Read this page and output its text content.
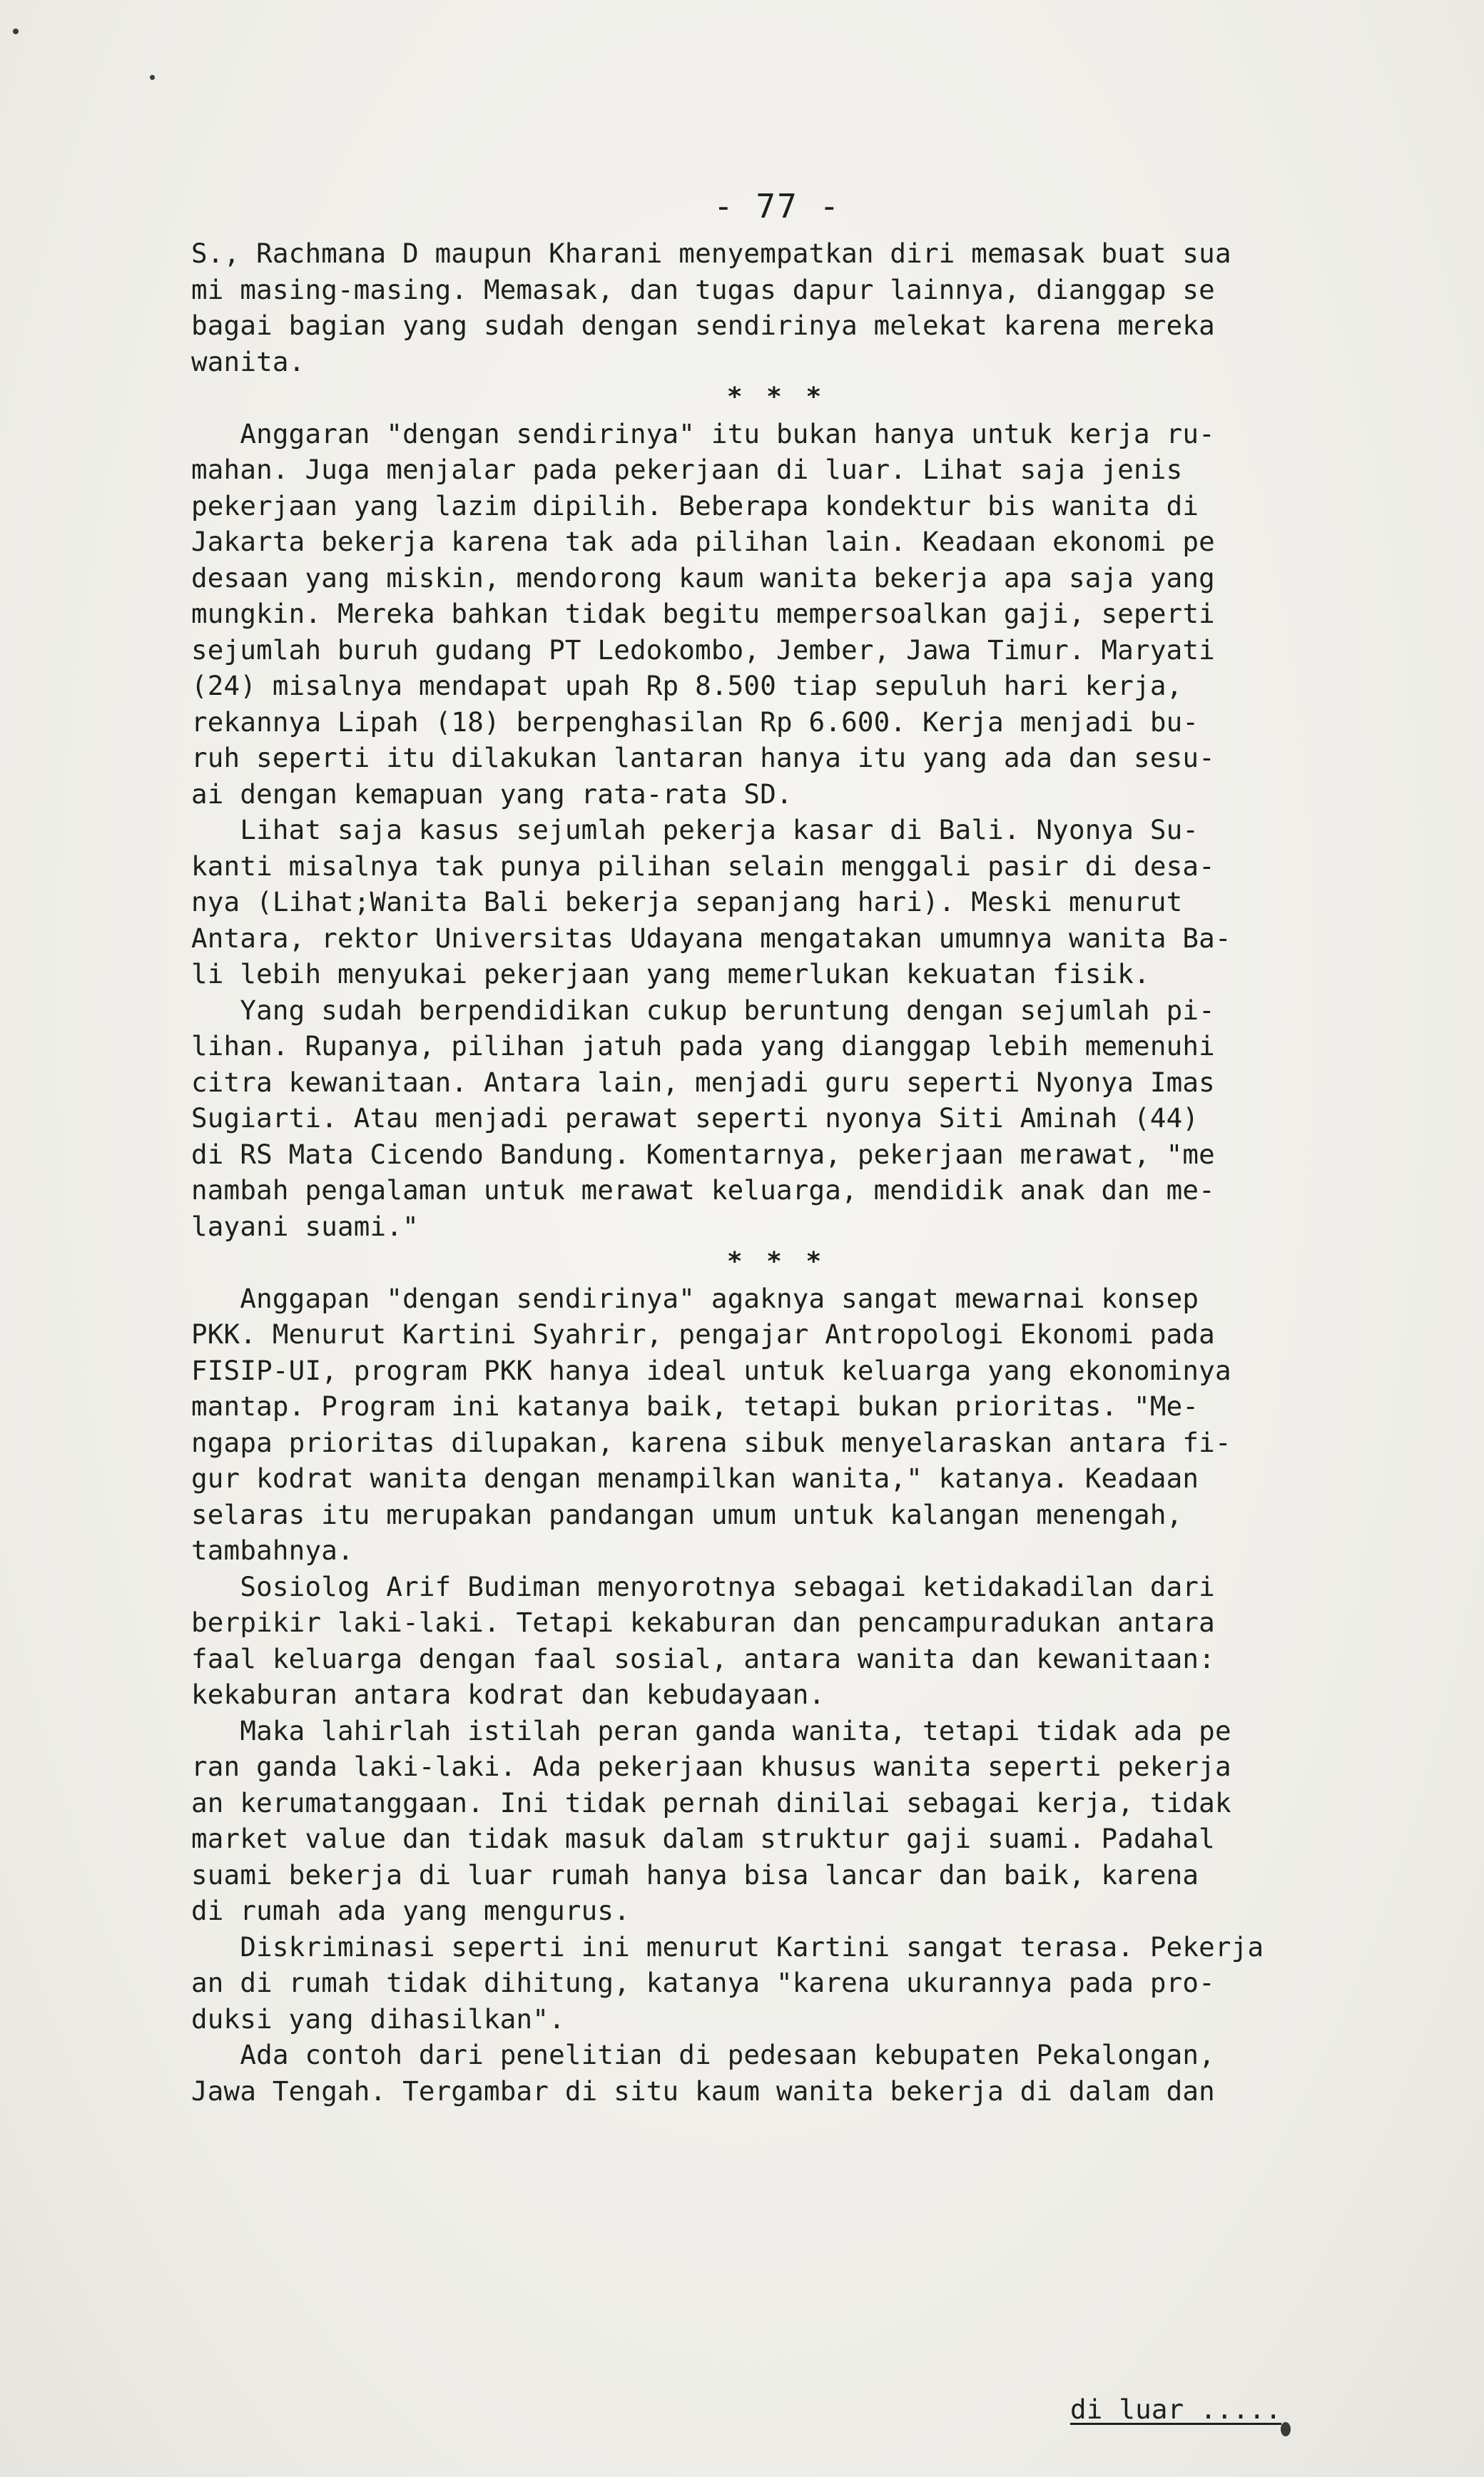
- 77 -
S., Rachmana D maupun Kharani menyempatkan diri memasak buat sua
mi masing-masing. Memasak, dan tugas dapur lainnya, dianggap se
bagai bagian yang sudah dengan sendirinya melekat karena mereka
wanita.
* * *
Anggaran "dengan sendirinya" itu bukan hanya untuk kerja ru-
mahan. Juga menjalar pada pekerjaan di luar. Lihat saja jenis
pekerjaan yang lazim dipilih. Beberapa kondektur bis wanita di
Jakarta bekerja karena tak ada pilihan lain. Keadaan ekonomi pe
desaan yang miskin, mendorong kaum wanita bekerja apa saja yang
mungkin. Mereka bahkan tidak begitu mempersoalkan gaji, seperti
sejumlah buruh gudang PT Ledokombo, Jember, Jawa Timur. Maryati
(24) misalnya mendapat upah Rp 8.500 tiap sepuluh hari kerja,
rekannya Lipah (18) berpenghasilan Rp 6.600. Kerja menjadi bu-
ruh seperti itu dilakukan lantaran hanya itu yang ada dan sesu-
ai dengan kemapuan yang rata-rata SD.
Lihat saja kasus sejumlah pekerja kasar di Bali. Nyonya Su-
kanti misalnya tak punya pilihan selain menggali pasir di desa-
nya (Lihat;Wanita Bali bekerja sepanjang hari). Meski menurut
Antara, rektor Universitas Udayana mengatakan umumnya wanita Ba-
li lebih menyukai pekerjaan yang memerlukan kekuatan fisik.
Yang sudah berpendidikan cukup beruntung dengan sejumlah pi-
lihan. Rupanya, pilihan jatuh pada yang dianggap lebih memenuhi
citra kewanitaan. Antara lain, menjadi guru seperti Nyonya Imas
Sugiarti. Atau menjadi perawat seperti nyonya Siti Aminah (44)
di RS Mata Cicendo Bandung. Komentarnya, pekerjaan merawat, "me
nambah pengalaman untuk merawat keluarga, mendidik anak dan me-
layani suami."
* * *
Anggapan "dengan sendirinya" agaknya sangat mewarnai konsep
PKK. Menurut Kartini Syahrir, pengajar Antropologi Ekonomi pada
FISIP-UI, program PKK hanya ideal untuk keluarga yang ekonominya
mantap. Program ini katanya baik, tetapi bukan prioritas. "Me-
ngapa prioritas dilupakan, karena sibuk menyelaraskan antara fi-
gur kodrat wanita dengan menampilkan wanita," katanya. Keadaan
selaras itu merupakan pandangan umum untuk kalangan menengah,
tambahnya.
Sosiolog Arif Budiman menyorotnya sebagai ketidakadilan dari
berpikir laki-laki. Tetapi kekaburan dan pencampuradukan antara
faal keluarga dengan faal sosial, antara wanita dan kewanitaan:
kekaburan antara kodrat dan kebudayaan.
Maka lahirlah istilah peran ganda wanita, tetapi tidak ada pe
ran ganda laki-laki. Ada pekerjaan khusus wanita seperti pekerja
an kerumatanggaan. Ini tidak pernah dinilai sebagai kerja, tidak
market value dan tidak masuk dalam struktur gaji suami. Padahal
suami bekerja di luar rumah hanya bisa lancar dan baik, karena
di rumah ada yang mengurus.
Diskriminasi seperti ini menurut Kartini sangat terasa. Pekerja
an di rumah tidak dihitung, katanya "karena ukurannya pada pro-
duksi yang dihasilkan".
Ada contoh dari penelitian di pedesaan kebupaten Pekalongan,
Jawa Tengah. Tergambar di situ kaum wanita bekerja di dalam dan
di luar .....
